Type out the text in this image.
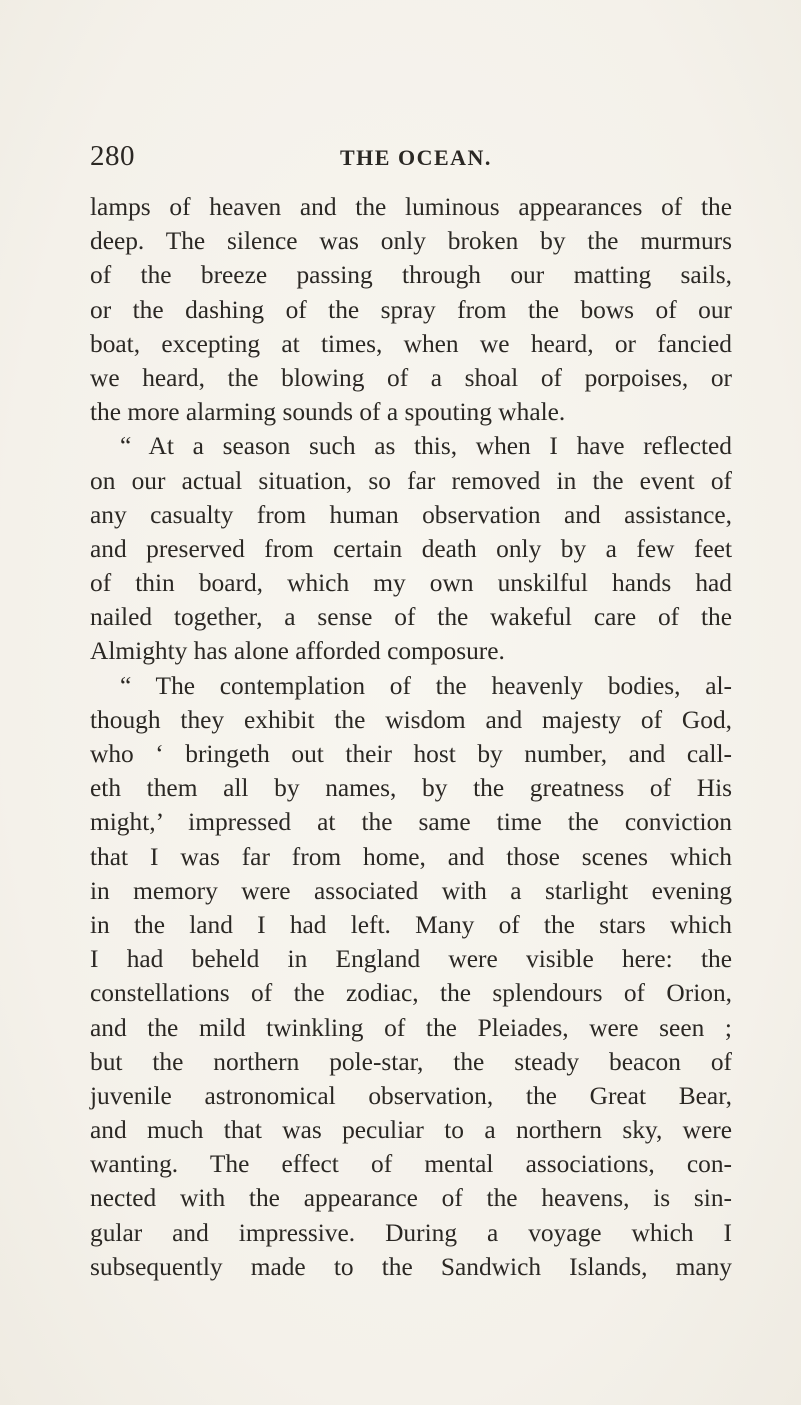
280	THE OCEAN.
lamps of heaven and the luminous appearances of the
deep. The silence was only broken by the murmurs
of the breeze passing through our matting sails,
or the dashing of the spray from the bows of our
boat, excepting at times, when we heard, or fancied
we heard, the blowing of a shoal of porpoises, or
the more alarming sounds of a spouting whale.
“ At a season such as this, when I have reflected
on our actual situation, so far removed in the event of
any casualty from human observation and assistance,
and preserved from certain death only by a few feet
of thin board, which my own unskilful hands had
nailed together, a sense of the wakeful care of the
Almighty has alone afforded composure.
“ The contemplation of the heavenly bodies, al-
though they exhibit the wisdom and majesty of God,
who ‘ bringeth out their host by number, and call-
eth them all by names, by the greatness of His
might,’ impressed at the same time the conviction
that I was far from home, and those scenes which
in memory were associated with a starlight evening
in the land I had left. Many of the stars which
I had beheld in England were visible here: the
constellations of the zodiac, the splendours of Orion,
and the mild twinkling of the Pleiades, were seen ;
but the northern pole-star, the steady beacon of
juvenile astronomical observation, the Great Bear,
and much that was peculiar to a northern sky, were
wanting. The effect of mental associations, con-
nected with the appearance of the heavens, is sin-
gular and impressive. During a voyage which I
subsequently made to the Sandwich Islands, many
